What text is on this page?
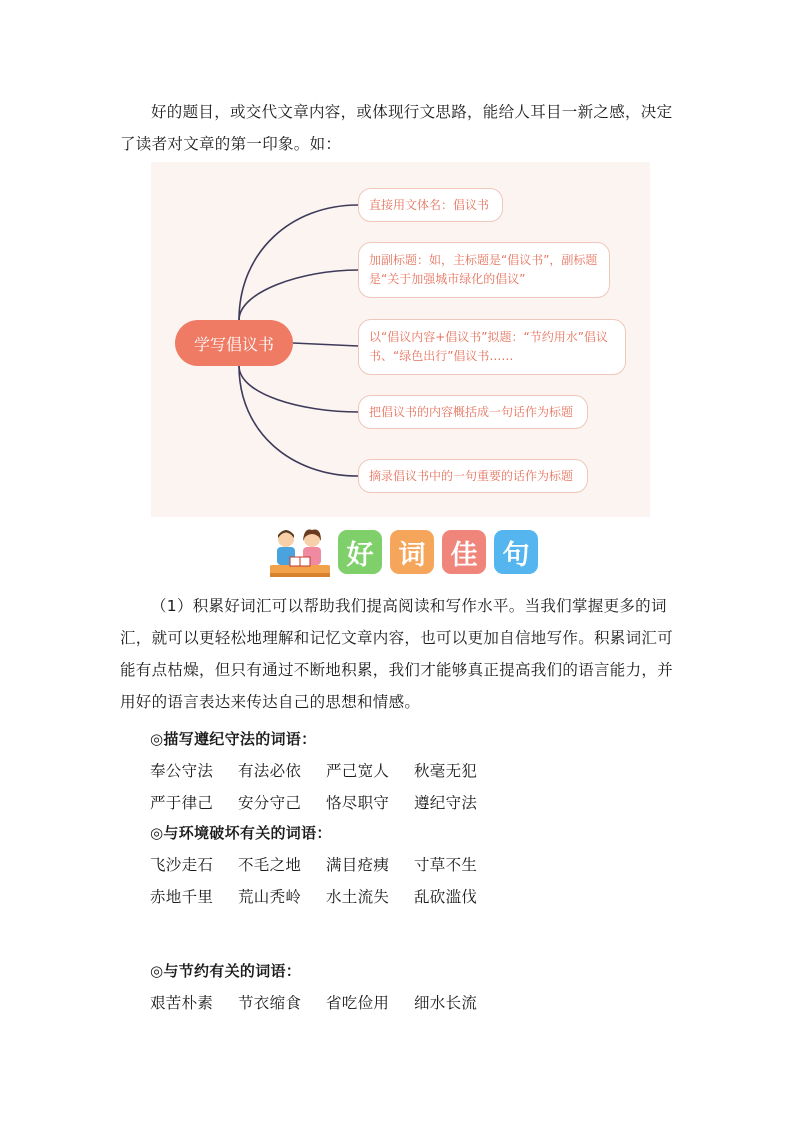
好的题目，或交代文章内容，或体现行文思路，能给人耳目一新之感，决定了读者对文章的第一印象。如：

学写倡议书
直接用文体名：倡议书
加副标题：如，主标题是“倡议书”，副标题是“关于加强城市绿化的倡议”
以“倡议内容+倡议书”拟题：“节约用水”倡议书、“绿色出行”倡议书……
把倡议书的内容概括成一句话作为标题
摘录倡议书中的一句重要的话作为标题
好 词 佳 句

（1）积累好词汇可以帮助我们提高阅读和写作水平。当我们掌握更多的词汇，就可以更轻松地理解和记忆文章内容，也可以更加自信地写作。积累词汇可能有点枯燥，但只有通过不断地积累，我们才能够真正提高我们的语言能力，并用好的语言表达来传达自己的思想和情感。

◎描写遵纪守法的词语：
奉公守法	有法必依	严己宽人	秋毫无犯
严于律己	安分守己	恪尽职守	遵纪守法
◎与环境破坏有关的词语：
飞沙走石	不毛之地	满目疮痍	寸草不生
赤地千里	荒山秃岭	水土流失	乱砍滥伐
◎与节约有关的词语：
艰苦朴素	节衣缩食	省吃俭用	细水长流
